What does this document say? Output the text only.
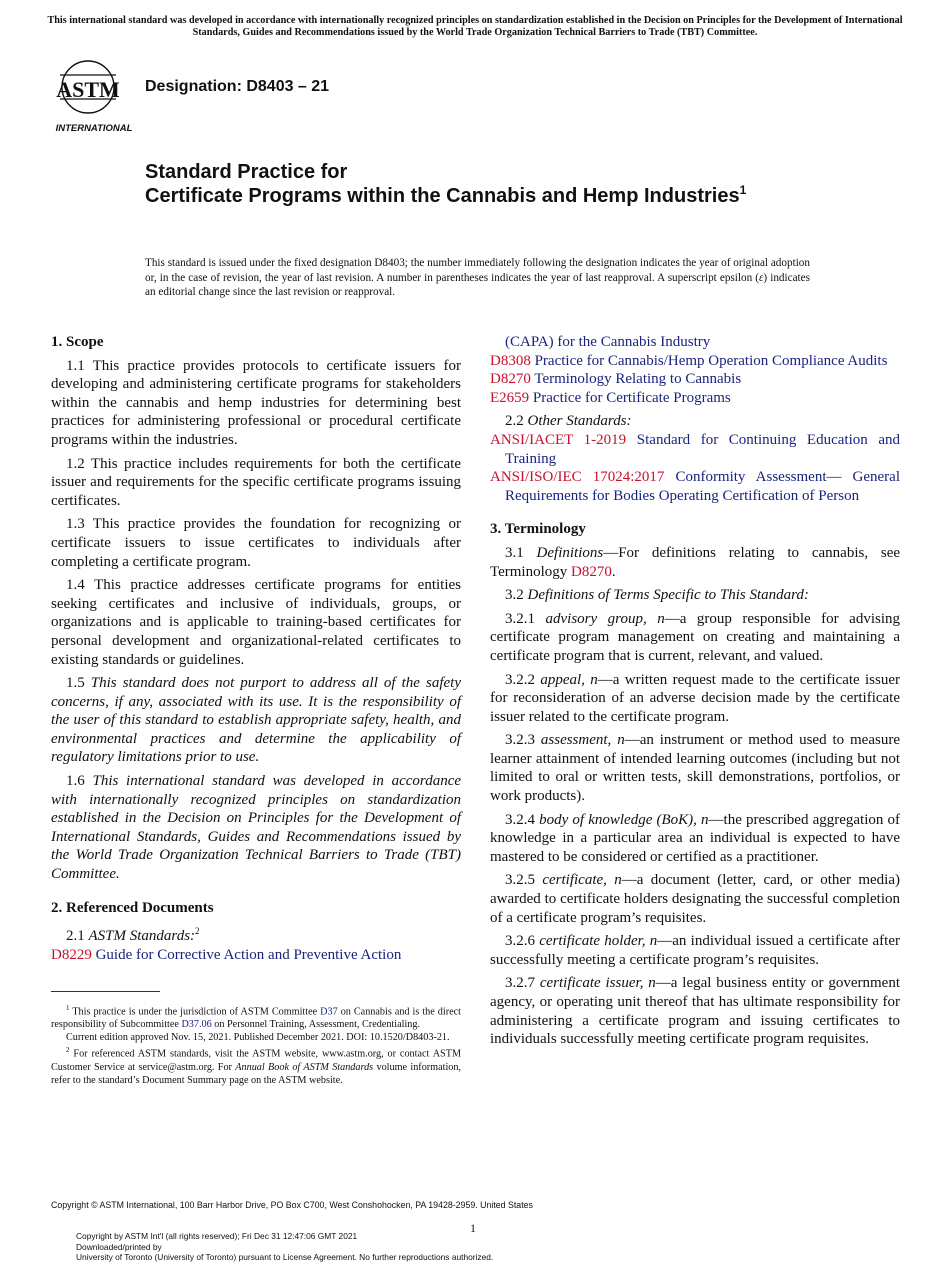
This international standard was developed in accordance with internationally recognized principles on standardization established in the Decision on Principles for the Development of International Standards, Guides and Recommendations issued by the World Trade Organization Technical Barriers to Trade (TBT) Committee.
ASTM
INTERNATIONAL
Designation: D8403 – 21
Standard Practice for
Certificate Programs within the Cannabis and Hemp Industries$^1$
This standard is issued under the fixed designation D8403; the number immediately following the designation indicates the year of original adoption or, in the case of revision, the year of last revision. A number in parentheses indicates the year of last reapproval. A superscript epsilon (ε) indicates an editorial change since the last revision or reapproval.
1. Scope

1.1 This practice provides protocols to certificate issuers for developing and administering certificate programs for stakeholders within the cannabis and hemp industries for determining best practices for administering professional or procedural certificate programs within the industries.

1.2 This practice includes requirements for both the certificate issuer and requirements for the specific certificate programs issuing certificates.

1.3 This practice provides the foundation for recognizing or certificate issuers to issue certificates to individuals after completing a certificate program.

1.4 This practice addresses certificate programs for entities seeking certificates and inclusive of individuals, groups, or organizations and is applicable to training-based certificates for personal development and organizational-related certificates to existing standards or guidelines.

1.5 This standard does not purport to address all of the safety concerns, if any, associated with its use. It is the responsibility of the user of this standard to establish appropriate safety, health, and environmental practices and determine the applicability of regulatory limitations prior to use.

1.6 This international standard was developed in accordance with internationally recognized principles on standardization established in the Decision on Principles for the Development of International Standards, Guides and Recommendations issued by the World Trade Organization Technical Barriers to Trade (TBT) Committee.

2. Referenced Documents

2.1 ASTM Standards:$^2$

D8229 Guide for Corrective Action and Preventive Action

$^1$ This practice is under the jurisdiction of ASTM Committee D37 on Cannabis and is the direct responsibility of Subcommittee D37.06 on Personnel Training, Assessment, Credentialing.

Current edition approved Nov. 15, 2021. Published December 2021. DOI: 10.1520/D8403-21.

$^2$ For referenced ASTM standards, visit the ASTM website, www.astm.org, or contact ASTM Customer Service at service@astm.org. For Annual Book of ASTM Standards volume information, refer to the standard’s Document Summary page on the ASTM website.

(CAPA) for the Cannabis Industry
D8308 Practice for Cannabis/Hemp Operation Compliance Audits
D8270 Terminology Relating to Cannabis
E2659 Practice for Certificate Programs

2.2 Other Standards:

ANSI/IACET 1-2019 Standard for Continuing Education and Training
ANSI/ISO/IEC 17024:2017 Conformity Assessment— General Requirements for Bodies Operating Certification of Person
3. Terminology

3.1 Definitions—For definitions relating to cannabis, see Terminology D8270.

3.2 Definitions of Terms Specific to This Standard:

3.2.1 advisory group, n—a group responsible for advising certificate program management on creating and maintaining a certificate program that is current, relevant, and valued.

3.2.2 appeal, n—a written request made to the certificate issuer for reconsideration of an adverse decision made by the certificate issuer related to the certificate program.

3.2.3 assessment, n—an instrument or method used to measure learner attainment of intended learning outcomes (including but not limited to oral or written tests, skill demonstrations, portfolios, or work products).

3.2.4 body of knowledge (BoK), n—the prescribed aggregation of knowledge in a particular area an individual is expected to have mastered to be considered or certified as a practitioner.

3.2.5 certificate, n—a document (letter, card, or other media) awarded to certificate holders designating the successful completion of a certificate program’s requisites.

3.2.6 certificate holder, n—an individual issued a certificate after successfully meeting a certificate program’s requisites.

3.2.7 certificate issuer, n—a legal business entity or government agency, or operating unit thereof that has ultimate responsibility for administering a certificate program and issuing certificates to individuals successfully meeting certificate program requisites.

Copyright © ASTM International, 100 Barr Harbor Drive, PO Box C700, West Conshohocken, PA 19428-2959. United States
1
Copyright by ASTM Int'l (all rights reserved); Fri Dec 31 12:47:06 GMT 2021
Downloaded/printed by
University of Toronto (University of Toronto) pursuant to License Agreement. No further reproductions authorized.
